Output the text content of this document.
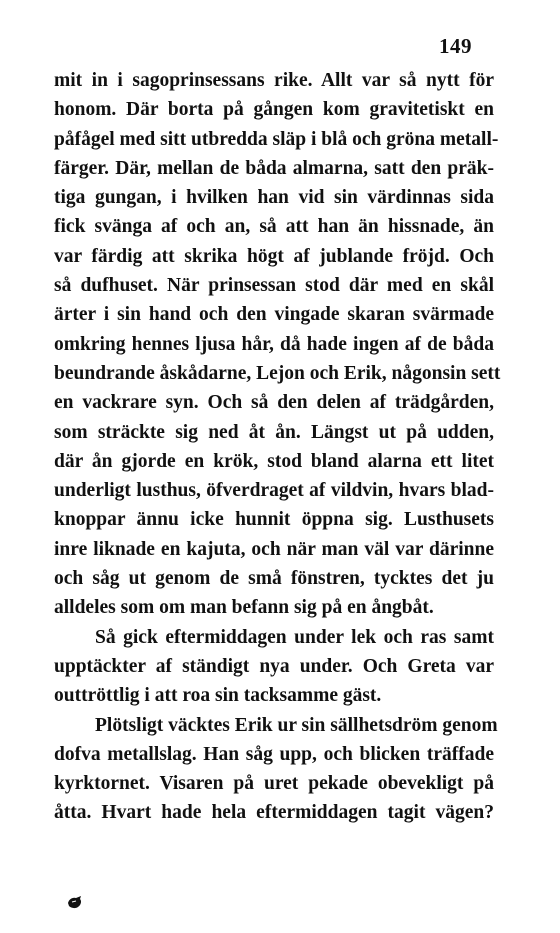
149
mit in i sagoprinsessans rike. Allt var så nytt för
honom. Där borta på gången kom gravitetiskt en
påfågel med sitt utbredda släp i blå och gröna metall-
färger. Där, mellan de båda almarna, satt den präk-
tiga gungan, i hvilken han vid sin värdinnas sida
fick svänga af och an, så att han än hissnade, än
var färdig att skrika högt af jublande fröjd. Och
så dufhuset. När prinsessan stod där med en skål
ärter i sin hand och den vingade skaran svärmade
omkring hennes ljusa hår, då hade ingen af de båda
beundrande åskådarne, Lejon och Erik, någonsin sett
en vackrare syn. Och så den delen af trädgården,
som sträckte sig ned åt ån. Längst ut på udden,
där ån gjorde en krök, stod bland alarna ett litet
underligt lusthus, öfverdraget af vildvin, hvars blad-
knoppar ännu icke hunnit öppna sig. Lusthusets
inre liknade en kajuta, och när man väl var därinne
och såg ut genom de små fönstren, tycktes det ju
alldeles som om man befann sig på en ångbåt.
Så gick eftermiddagen under lek och ras samt
upptäckter af ständigt nya under. Och Greta var
outtröttlig i att roa sin tacksamme gäst.
Plötsligt väcktes Erik ur sin sällhetsdröm genom
dofva metallslag. Han såg upp, och blicken träffade
kyrktornet. Visaren på uret pekade obevekligt på
åtta. Hvart hade hela eftermiddagen tagit vägen?
